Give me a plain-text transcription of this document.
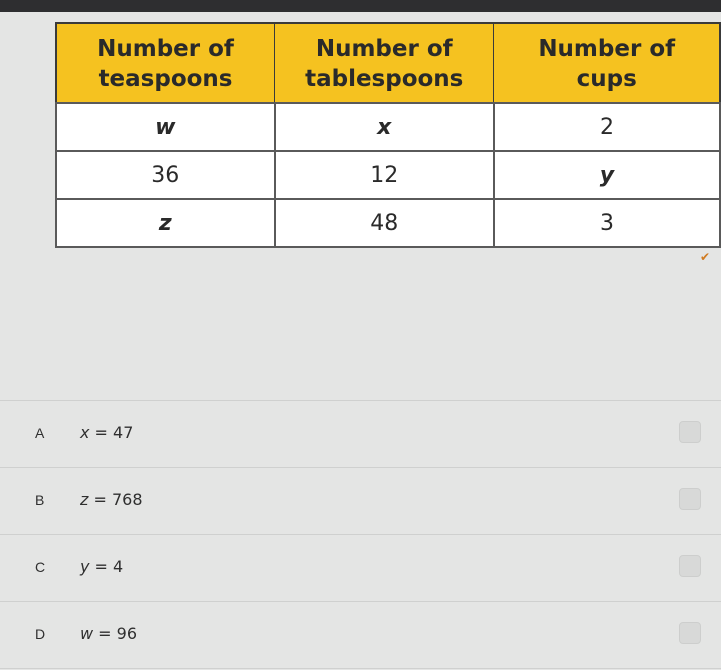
Number of
teaspoons	Number of
tablespoons	Number of
cups

w	x	2
36	12	y
z	48	3
✔
A x = 47
B z = 768
C y = 4
D w = 96
